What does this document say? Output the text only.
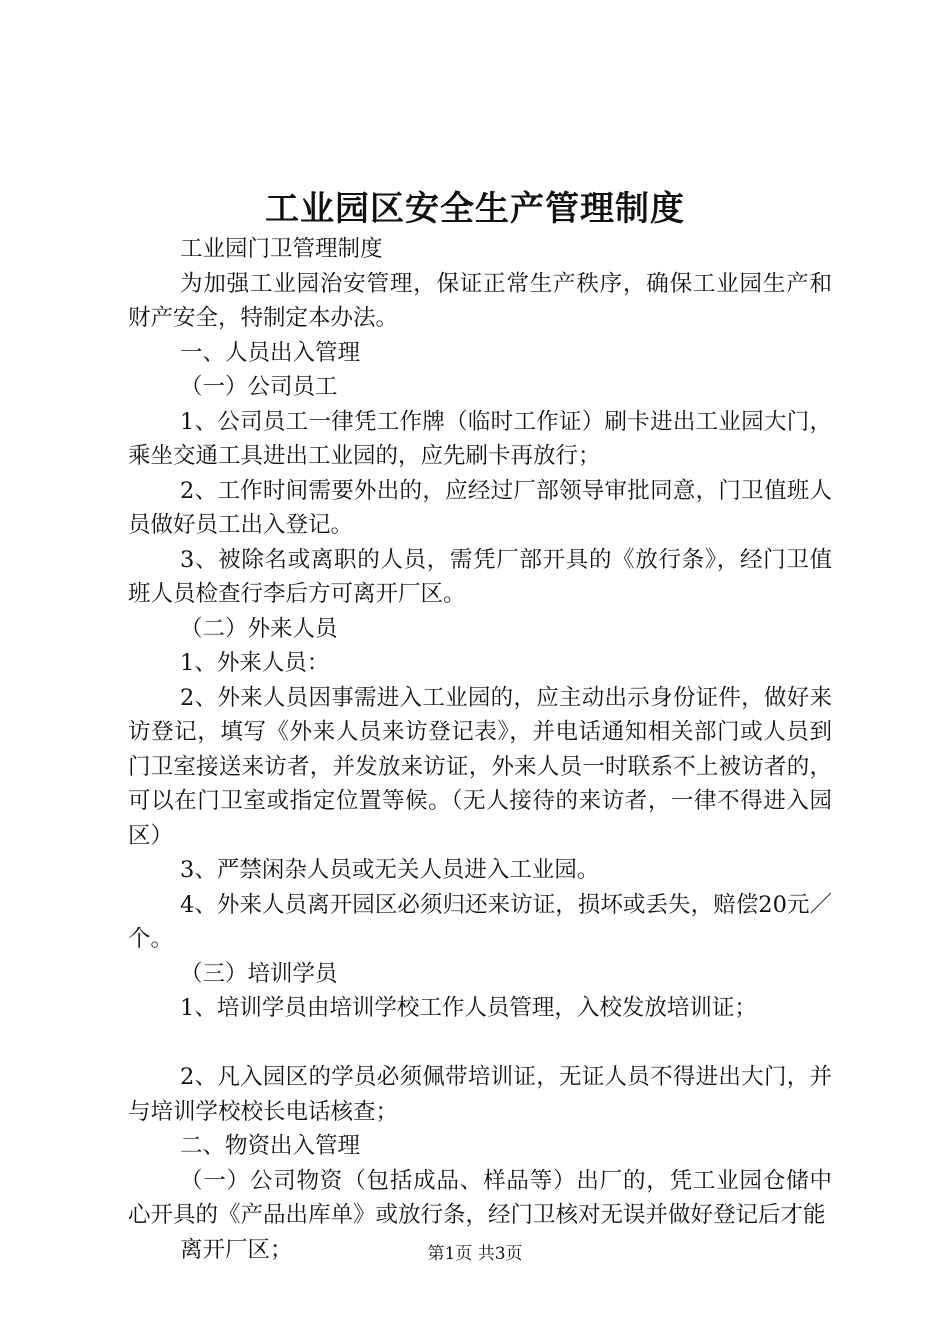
工业园区安全生产管理制度

工业园门卫管理制度

为加强工业园治安管理，保证正常生产秩序，确保工业园生产和财产安全，特制定本办法。

一、人员出入管理

（一）公司员工

1、公司员工一律凭工作牌（临时工作证）刷卡进出工业园大门，乘坐交通工具进出工业园的，应先刷卡再放行；

2、工作时间需要外出的，应经过厂部领导审批同意，门卫值班人员做好员工出入登记。

3、被除名或离职的人员，需凭厂部开具的《放行条》，经门卫值班人员检查行李后方可离开厂区。

（二）外来人员

1、外来人员：

2、外来人员因事需进入工业园的，应主动出示身份证件，做好来访登记，填写《外来人员来访登记表》，并电话通知相关部门或人员到门卫室接送来访者，并发放来访证，外来人员一时联系不上被访者的，可以在门卫室或指定位置等候。（无人接待的来访者，一律不得进入园区）

3、严禁闲杂人员或无关人员进入工业园。

4、外来人员离开园区必须归还来访证，损坏或丢失，赔偿20元／个。

（三）培训学员

1、培训学员由培训学校工作人员管理，入校发放培训证；

2、凡入园区的学员必须佩带培训证，无证人员不得进出大门，并与培训学校校长电话核查；

二、物资出入管理

（一）公司物资（包括成品、样品等）出厂的，凭工业园仓储中心开具的《产品出库单》或放行条，经门卫核对无误并做好登记后才能

离开厂区；	第1页 共3页
